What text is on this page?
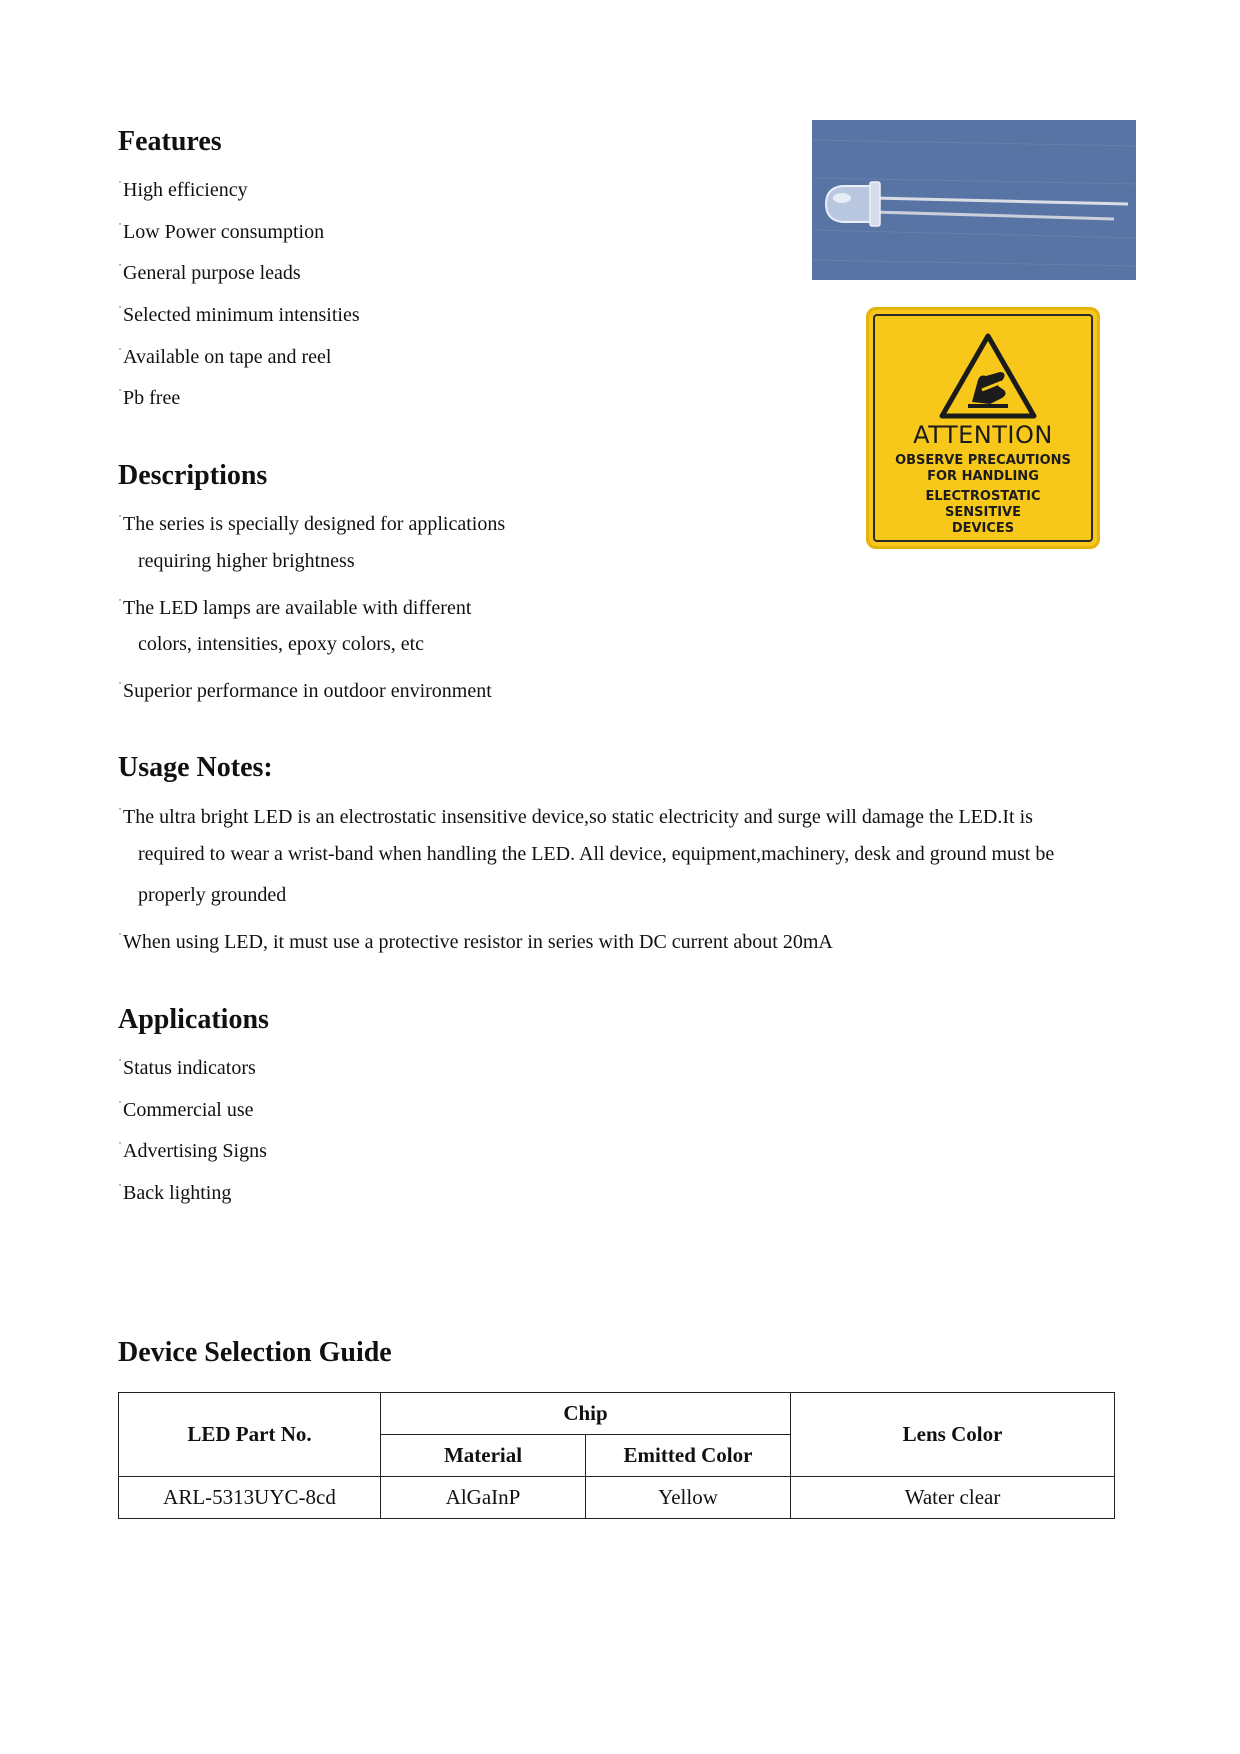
Features

˙High efficiency

˙Low Power consumption

˙General purpose leads

˙Selected minimum intensities

˙Available on tape and reel

˙Pb free

Descriptions

˙The series is specially designed for applications

requiring higher brightness

˙The LED lamps are available with different

colors, intensities, epoxy colors, etc

˙Superior performance in outdoor environment

Usage Notes:

˙The ultra bright LED is an electrostatic insensitive device,so static electricity and surge will damage the LED.It is

required to wear a wrist-band when handling the LED. All device, equipment,machinery, desk and ground must be

properly grounded

˙When using LED, it must use a protective resistor in series with DC current about 20mA

Applications

˙Status indicators

˙Commercial use

˙Advertising Signs

˙Back lighting

ATTENTION
OBSERVE PRECAUTIONS
FOR HANDLING
ELECTROSTATIC
SENSITIVE
DEVICES
Device Selection Guide
LED Part No.	Chip		Lens Color
	Material	Emitted Color	
ARL-5313UYC-8cd	AlGaInP	Yellow	Water clear
